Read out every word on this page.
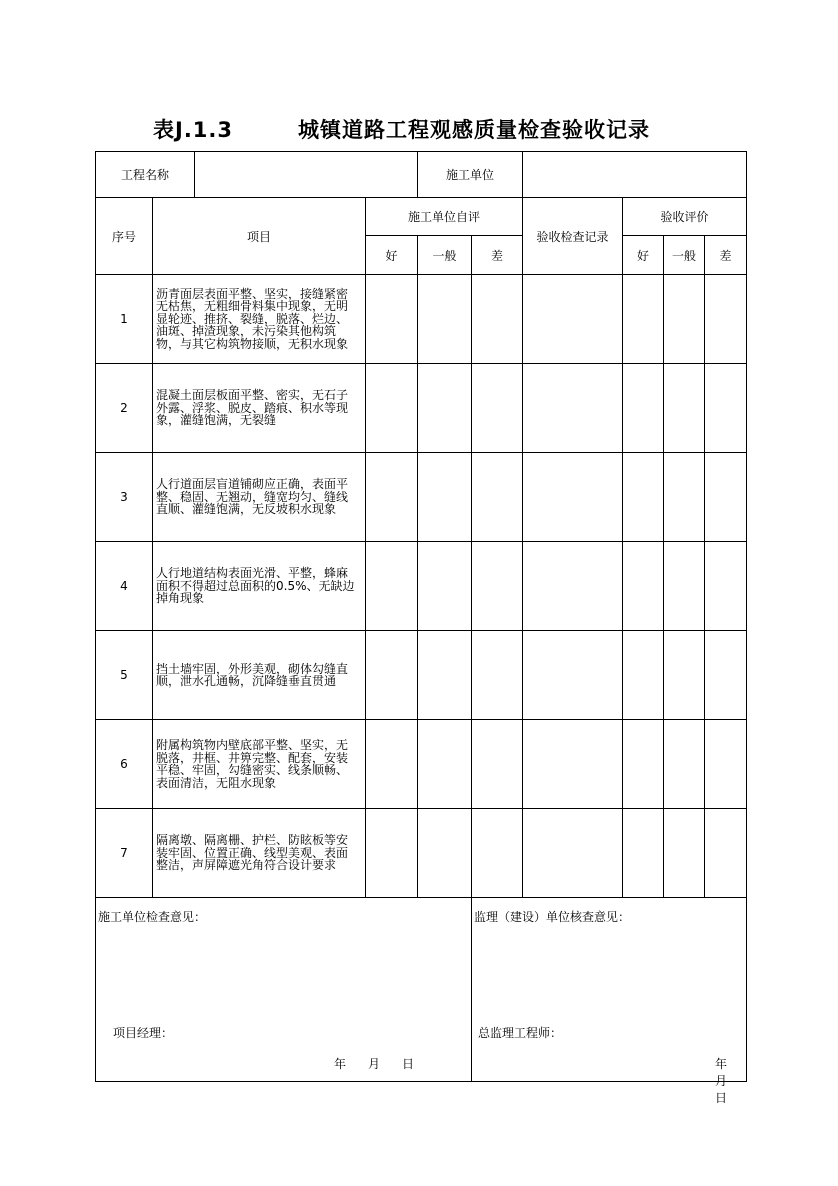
表J.1.3	城镇道路工程观感质量检查验收记录
工程名称				施工单位					
序号	项目		施工单位自评			验收检查记录	验收评价		
			好	一般	差		好	一般	差
1	沥青面层表面平整、坚实，接缝紧密无枯焦，无粗细骨料集中现象，无明显轮迹、推挤、裂缝，脱落、烂边、油斑、掉渣现象，未污染其他构筑物，与其它构筑物接顺，无积水现象								
2	混凝土面层板面平整、密实，无石子外露、浮浆、脱皮、踏痕、积水等现象，灌缝饱满，无裂缝								
3	人行道面层盲道铺砌应正确，表面平整、稳固、无翘动，缝宽均匀、缝线直顺、灌缝饱满，无反坡积水现象								
4	人行地道结构表面光滑、平整，蜂麻面积不得超过总面积的0.5%、无缺边掉角现象								
5	挡土墙牢固，外形美观，砌体勾缝直顺，泄水孔通畅，沉降缝垂直贯通								
6	附属构筑物内壁底部平整、坚实，无脱落，井框、井箅完整、配套，安装平稳、牢固，勾缝密实、线条顺畅、表面清洁，无阻水现象								
7	隔离墩、隔离栅、护栏、防眩板等安装牢固、位置正确、线型美观、表面整洁，声屏障遮光角符合设计要求								

施工单位检查意见：
项目经理：
年 月 日					监理（建设）单位核查意见：
总监理工程师：
年月日				
